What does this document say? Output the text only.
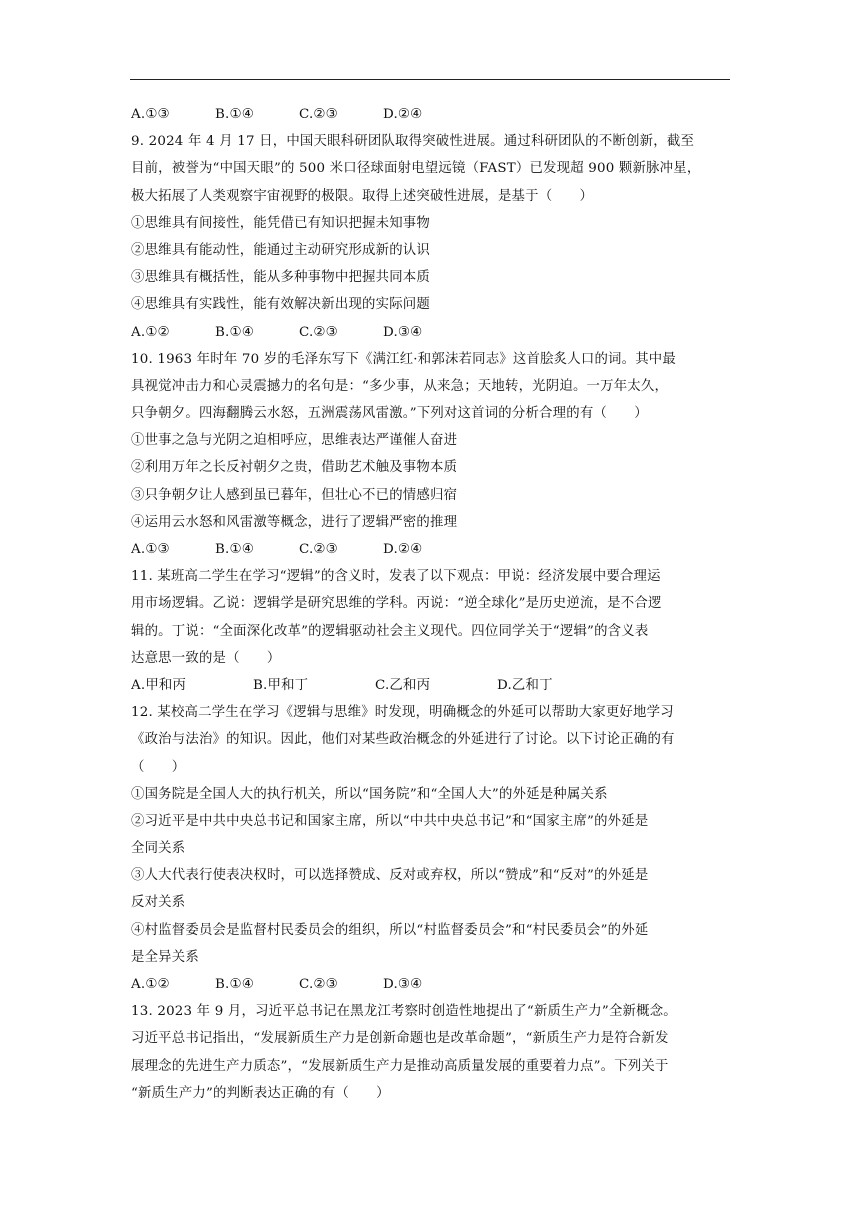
A.①③	B.①④	C.②③	D.②④
9. 2024 年 4 月 17 日，中国天眼科研团队取得突破性进展。通过科研团队的不断创新，截至
目前，被誉为“中国天眼”的 500 米口径球面射电望远镜（FAST）已发现超 900 颗新脉冲星，
极大拓展了人类观察宇宙视野的极限。取得上述突破性进展，是基于（　　）
①思维具有间接性，能凭借已有知识把握未知事物
②思维具有能动性，能通过主动研究形成新的认识
③思维具有概括性，能从多种事物中把握共同本质
④思维具有实践性，能有效解决新出现的实际问题
A.①②	B.①④	C.②③	D.③④
10. 1963 年时年 70 岁的毛泽东写下《满江红·和郭沫若同志》这首脍炙人口的词。其中最
具视觉冲击力和心灵震撼力的名句是：“多少事，从来急；天地转，光阴迫。一万年太久，
只争朝夕。四海翻腾云水怒，五洲震荡风雷激。”下列对这首词的分析合理的有（　　）
①世事之急与光阴之迫相呼应，思维表达严谨催人奋进
②利用万年之长反衬朝夕之贵，借助艺术触及事物本质
③只争朝夕让人感到虽已暮年，但壮心不已的情感归宿
④运用云水怒和风雷激等概念，进行了逻辑严密的推理
A.①③	B.①④	C.②③	D.②④
11. 某班高二学生在学习“逻辑”的含义时，发表了以下观点：甲说：经济发展中要合理运
用市场逻辑。乙说：逻辑学是研究思维的学科。丙说：“逆全球化”是历史逆流，是不合逻
辑的。丁说：“全面深化改革”的逻辑驱动社会主义现代。四位同学关于“逻辑”的含义表
达意思一致的是（　　）
A.甲和丙	B.甲和丁	C.乙和丙	D.乙和丁
12. 某校高二学生在学习《逻辑与思维》时发现，明确概念的外延可以帮助大家更好地学习
《政治与法治》的知识。因此，他们对某些政治概念的外延进行了讨论。以下讨论正确的有
（　　）
①国务院是全国人大的执行机关，所以“国务院”和“全国人大”的外延是种属关系
②习近平是中共中央总书记和国家主席，所以“中共中央总书记”和“国家主席”的外延是
全同关系
③人大代表行使表决权时，可以选择赞成、反对或弃权，所以“赞成”和“反对”的外延是
反对关系
④村监督委员会是监督村民委员会的组织，所以“村监督委员会”和“村民委员会”的外延
是全异关系
A.①②	B.①④	C.②③	D.③④
13. 2023 年 9 月，习近平总书记在黑龙江考察时创造性地提出了“新质生产力”全新概念。
习近平总书记指出，“发展新质生产力是创新命题也是改革命题”，“新质生产力是符合新发
展理念的先进生产力质态”，“发展新质生产力是推动高质量发展的重要着力点”。下列关于
“新质生产力”的判断表达正确的有（　　）
